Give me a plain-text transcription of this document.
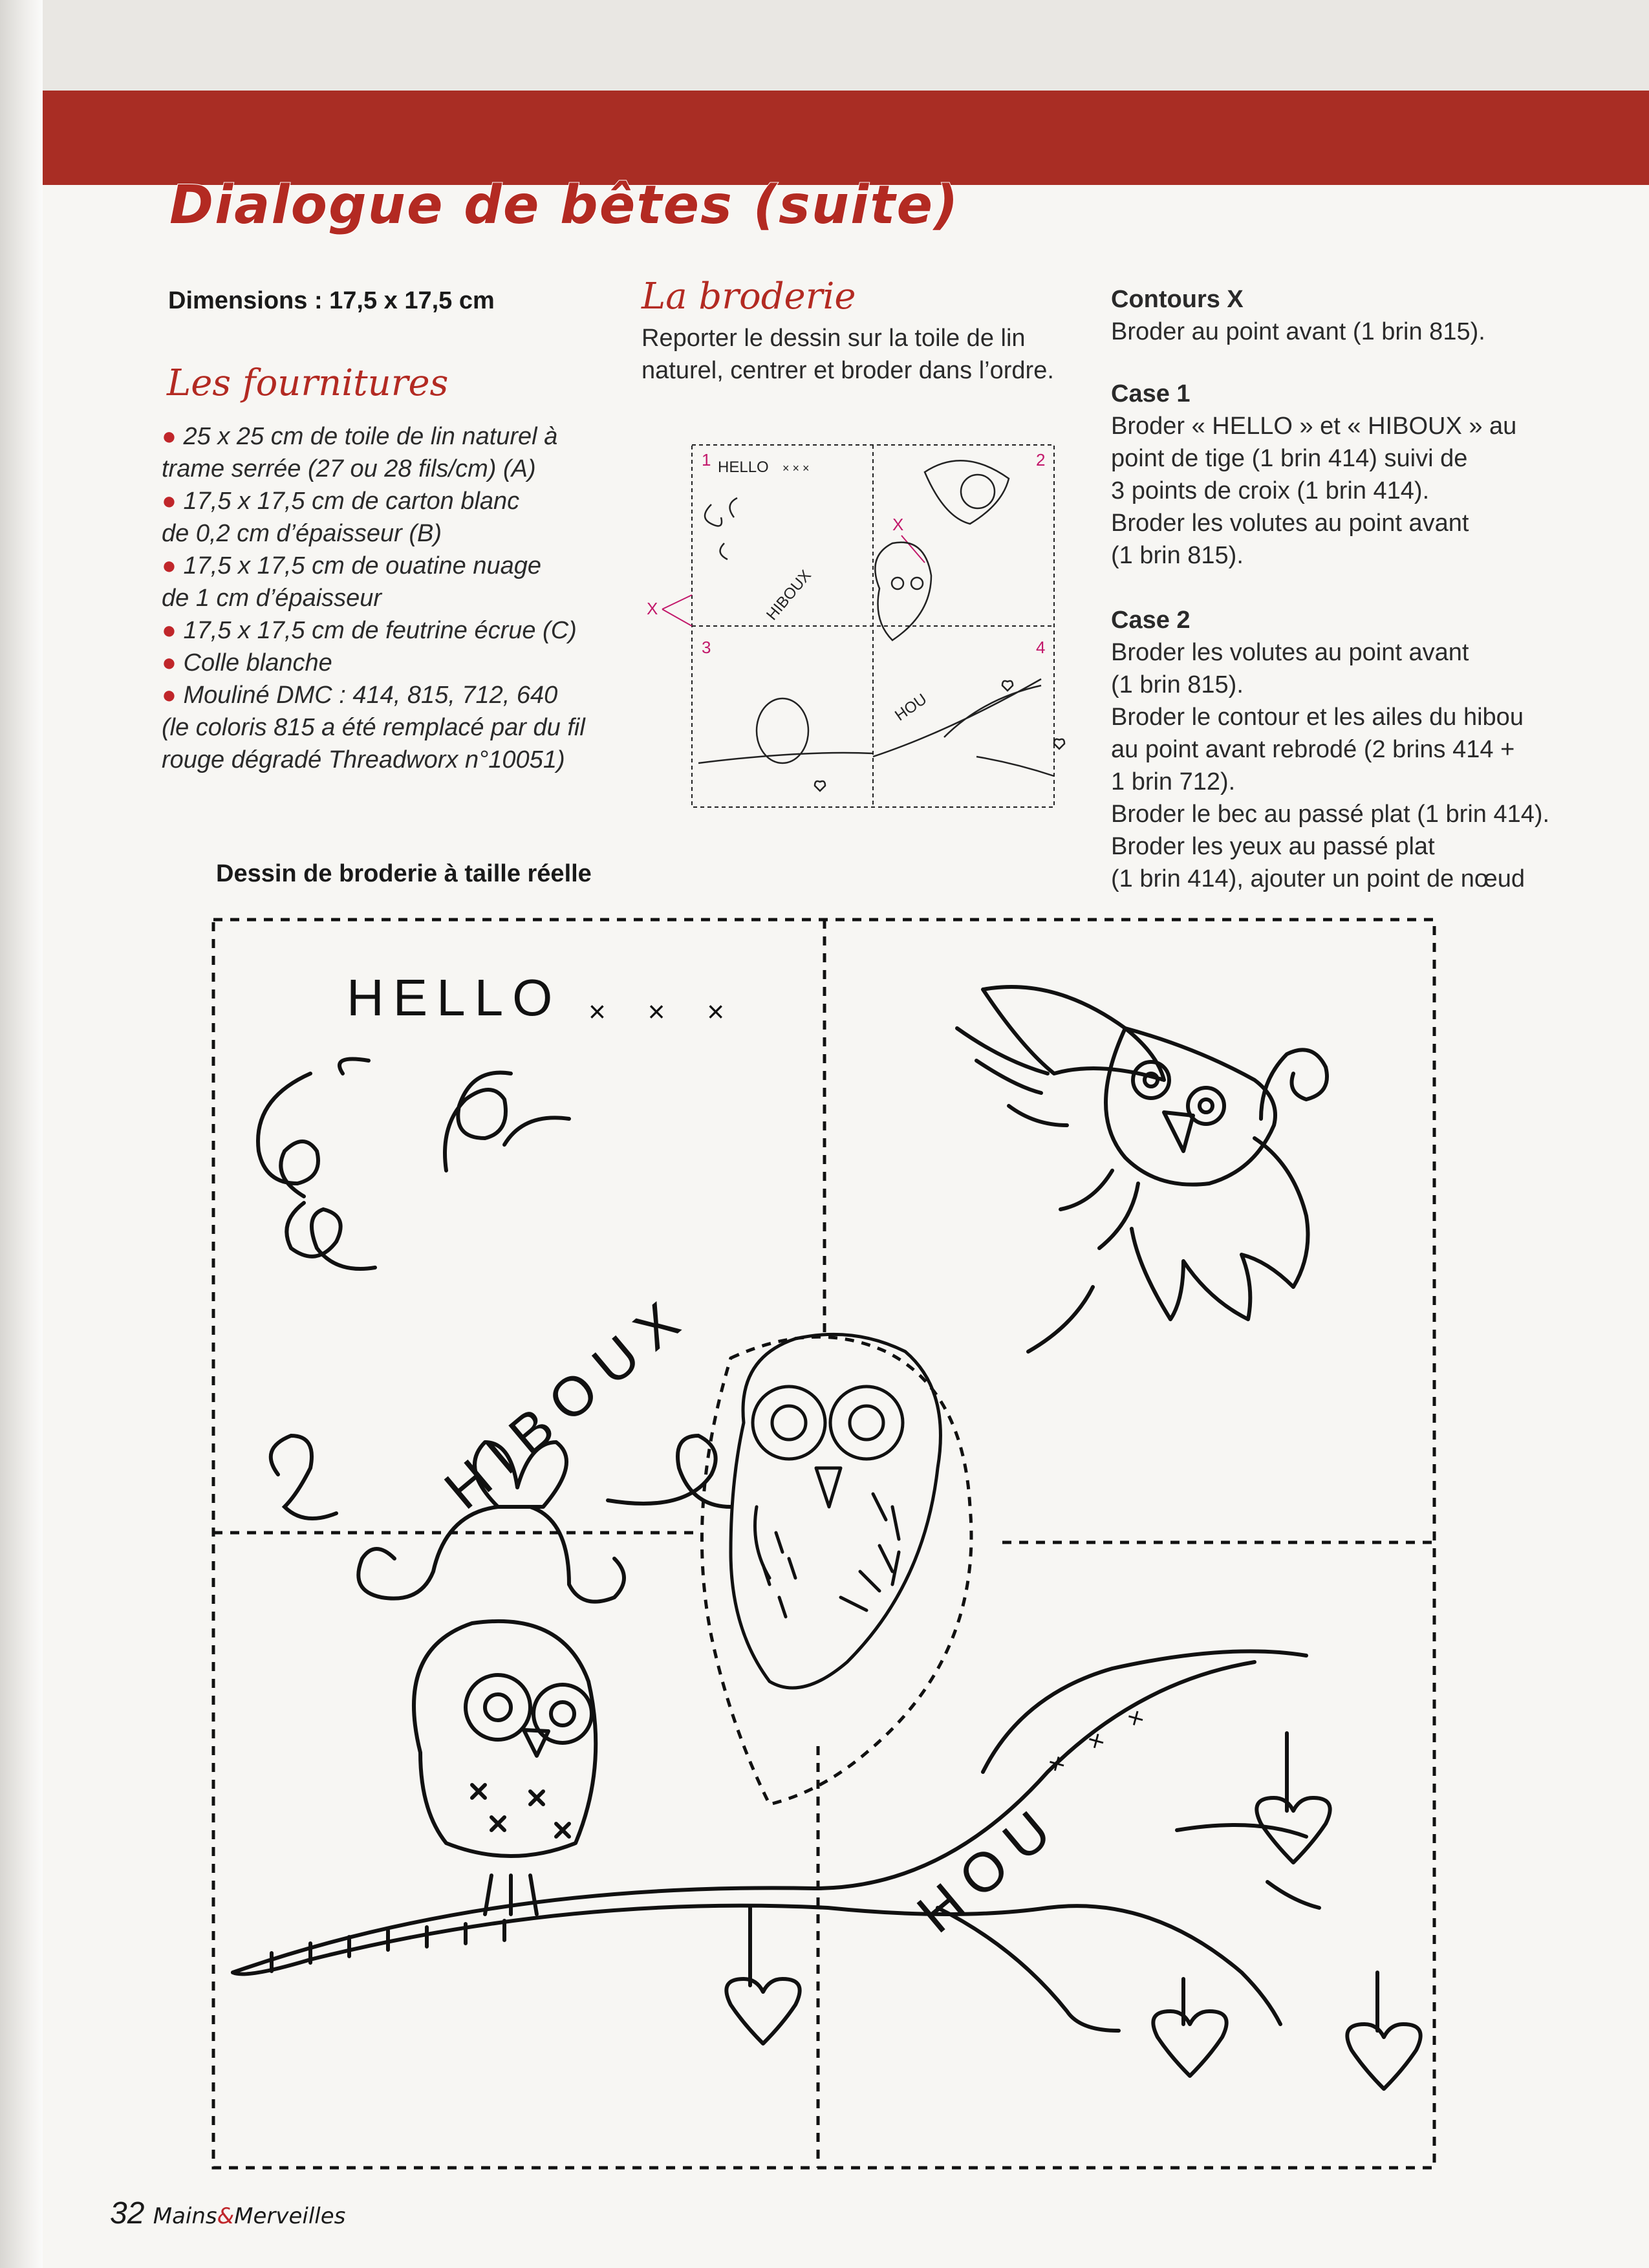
Dialogue de bêtes (suite)

Dimensions : 17,5 x 17,5 cm

Les fournitures

● 25 x 25 cm de toile de lin naturel à
trame serrée (27 ou 28 fils/cm) (A)
● 17,5 x 17,5 cm de carton blanc
de 0,2 cm d’épaisseur (B)
● 17,5 x 17,5 cm de ouatine nuage
de 1 cm d’épaisseur
● 17,5 x 17,5 cm de feutrine écrue (C)
● Colle blanche
● Mouliné DMC : 414, 815, 712, 640
(le coloris 815 a été remplacé par du fil
rouge dégradé Threadworx n°10051)

La broderie

Reporter le dessin sur la toile de lin

naturel, centrer et broder dans l’ordre.

Contours X
Broder au point avant (1 brin 815).
Case 1
Broder « HELLO » et « HIBOUX » au
point de tige (1 brin 414) suivi de
3 points de croix (1 brin 414).
Broder les volutes au point avant
(1 brin 815).
Case 2
Broder les volutes au point avant
(1 brin 815).
Broder le contour et les ailes du hibou
au point avant rebrodé (2 brins 414 +
1 brin 712).
Broder le bec au passé plat (1 brin 414).
Broder les yeux au passé plat
(1 brin 414), ajouter un point de nœud
1	2
3	4
X
X
HELLO × × ×
HIBOUX
HOU

Dessin de broderie à taille réelle

HELLO × × ×
HIBOUX
HOU
× × ×
32 Mains&Merveilles
